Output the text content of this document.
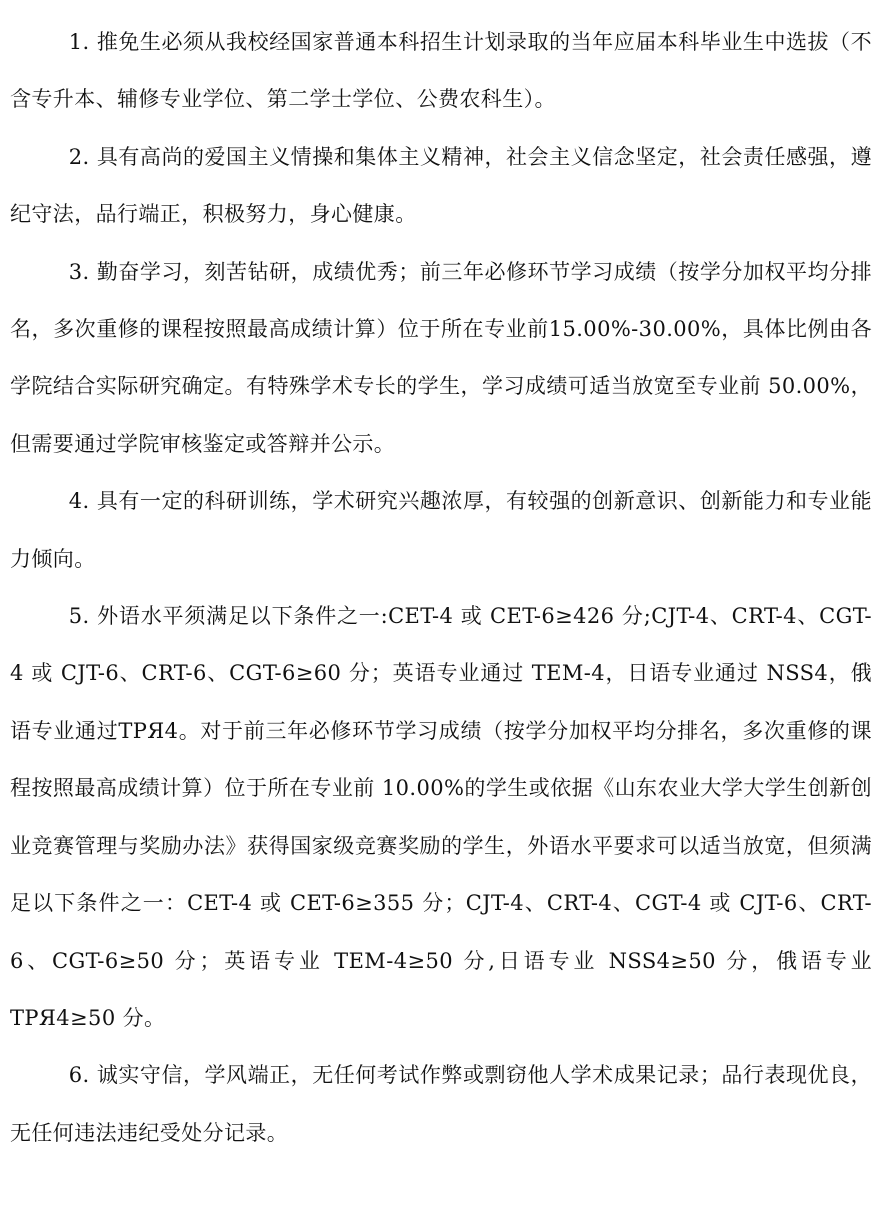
1. 推免生必须从我校经国家普通本科招生计划录取的当年应届本科毕业生中选拔（不含专升本、辅修专业学位、第二学士学位、公费农科生）。

2. 具有高尚的爱国主义情操和集体主义精神，社会主义信念坚定，社会责任感强，遵纪守法，品行端正，积极努力，身心健康。

3. 勤奋学习，刻苦钻研，成绩优秀；前三年必修环节学习成绩（按学分加权平均分排名，多次重修的课程按照最高成绩计算）位于所在专业前15.00%-30.00%，具体比例由各学院结合实际研究确定。有特殊学术专长的学生，学习成绩可适当放宽至专业前 50.00%，但需要通过学院审核鉴定或答辩并公示。

4. 具有一定的科研训练，学术研究兴趣浓厚，有较强的创新意识、创新能力和专业能力倾向。

5. 外语水平须满足以下条件之一:CET-4 或 CET-6≥426 分;CJT-4、CRT-4、CGT-4 或 CJT-6、CRT-6、CGT-6≥60 分；英语专业通过 TEM-4，日语专业通过 NSS4，俄语专业通过ТРЯ4。对于前三年必修环节学习成绩（按学分加权平均分排名，多次重修的课程按照最高成绩计算）位于所在专业前 10.00%的学生或依据《山东农业大学大学生创新创业竞赛管理与奖励办法》获得国家级竞赛奖励的学生，外语水平要求可以适当放宽，但须满足以下条件之一：CET-4 或 CET-6≥355 分；CJT-4、CRT-4、CGT-4 或 CJT-6、CRT-6、CGT-6≥50 分；英语专业 TEM-4≥50 分,日语专业 NSS4≥50 分，俄语专业ТРЯ4≥50 分。

6. 诚实守信，学风端正，无任何考试作弊或剽窃他人学术成果记录；品行表现优良，无任何违法违纪受处分记录。
